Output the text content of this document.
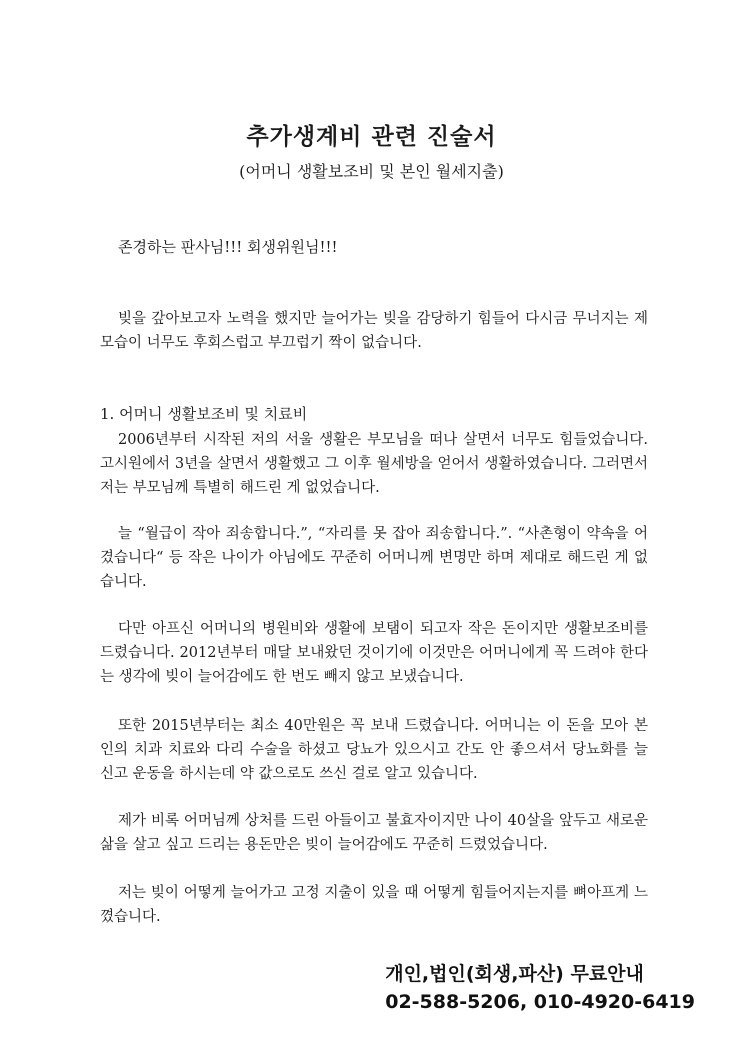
추가생계비 관련 진술서
(어머니 생활보조비 및 본인 월세지출)
존경하는 판사님!!! 회생위원님!!!

빚을 갚아보고자 노력을 했지만 늘어가는 빚을 감당하기 힘들어 다시금 무너지는 제 모습이 너무도 후회스럽고 부끄럽기 짝이 없습니다.

1. 어머니 생활보조비 및 치료비

2006년부터 시작된 저의 서울 생활은 부모님을 떠나 살면서 너무도 힘들었습니다. 고시원에서 3년을 살면서 생활했고 그 이후 월세방을 얻어서 생활하였습니다. 그러면서 저는 부모님께 특별히 해드린 게 없었습니다.

늘 “월급이 작아 죄송합니다.”, “자리를 못 잡아 죄송합니다.”. “사촌형이 약속을 어겼습니다“ 등 작은 나이가 아님에도 꾸준히 어머니께 변명만 하며 제대로 해드린 게 없습니다.

다만 아프신 어머니의 병원비와 생활에 보탬이 되고자 작은 돈이지만 생활보조비를 드렸습니다. 2012년부터 매달 보내왔던 것이기에 이것만은 어머니에게 꼭 드려야 한다는 생각에 빚이 늘어감에도 한 번도 빼지 않고 보냈습니다.

또한 2015년부터는 최소 40만원은 꼭 보내 드렸습니다. 어머니는 이 돈을 모아 본인의 치과 치료와 다리 수술을 하셨고 당뇨가 있으시고 간도 안 좋으셔서 당뇨화를 늘 신고 운동을 하시는데 약 값으로도 쓰신 걸로 알고 있습니다.

제가 비록 어머님께 상처를 드린 아들이고 불효자이지만 나이 40살을 앞두고 새로운 삶을 살고 싶고 드리는 용돈만은 빚이 늘어감에도 꾸준히 드렸었습니다.

저는 빚이 어떻게 늘어가고 고정 지출이 있을 때 어떻게 힘들어지는지를 뼈아프게 느꼈습니다.

개인,법인(회생,파산) 무료안내
02-588-5206, 010-4920-6419
